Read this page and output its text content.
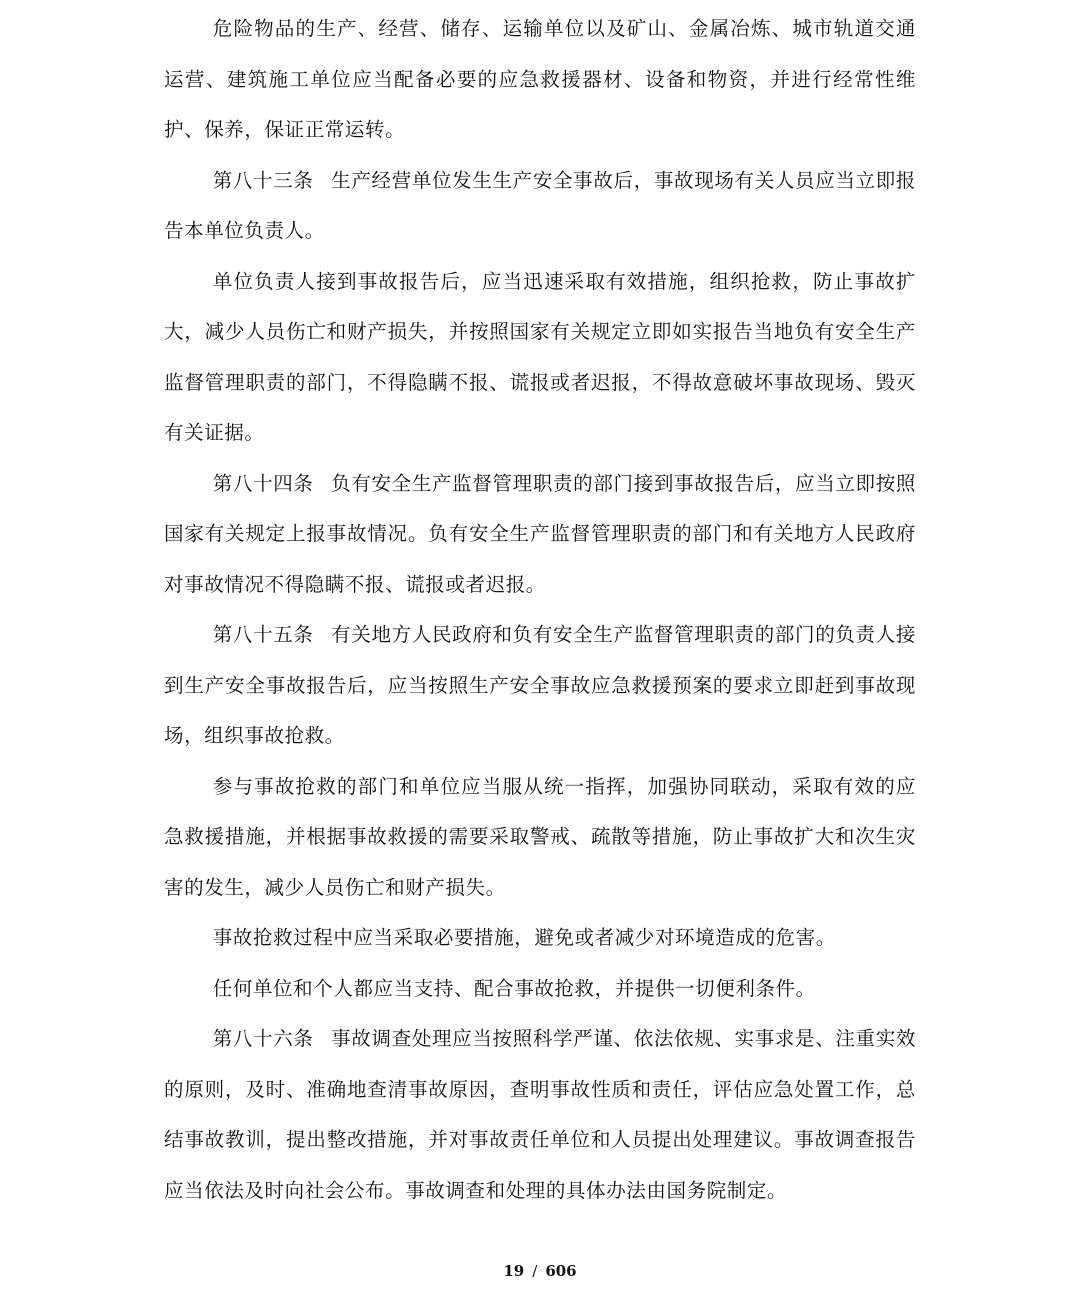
危险物品的生产、经营、储存、运输单位以及矿山、金属冶炼、城市轨道交通运营、建筑施工单位应当配备必要的应急救援器材、设备和物资，并进行经常性维护、保养，保证正常运转。

第八十三条 生产经营单位发生生产安全事故后，事故现场有关人员应当立即报告本单位负责人。

单位负责人接到事故报告后，应当迅速采取有效措施，组织抢救，防止事故扩大，减少人员伤亡和财产损失，并按照国家有关规定立即如实报告当地负有安全生产监督管理职责的部门，不得隐瞒不报、谎报或者迟报，不得故意破坏事故现场、毁灭有关证据。

第八十四条 负有安全生产监督管理职责的部门接到事故报告后，应当立即按照国家有关规定上报事故情况。负有安全生产监督管理职责的部门和有关地方人民政府对事故情况不得隐瞒不报、谎报或者迟报。

第八十五条 有关地方人民政府和负有安全生产监督管理职责的部门的负责人接到生产安全事故报告后，应当按照生产安全事故应急救援预案的要求立即赶到事故现场，组织事故抢救。

参与事故抢救的部门和单位应当服从统一指挥，加强协同联动，采取有效的应急救援措施，并根据事故救援的需要采取警戒、疏散等措施，防止事故扩大和次生灾害的发生，减少人员伤亡和财产损失。

事故抢救过程中应当采取必要措施，避免或者减少对环境造成的危害。

任何单位和个人都应当支持、配合事故抢救，并提供一切便利条件。

第八十六条 事故调查处理应当按照科学严谨、依法依规、实事求是、注重实效的原则，及时、准确地查清事故原因，查明事故性质和责任，评估应急处置工作，总结事故教训，提出整改措施，并对事故责任单位和人员提出处理建议。事故调查报告应当依法及时向社会公布。事故调查和处理的具体办法由国务院制定。

19 / 606
